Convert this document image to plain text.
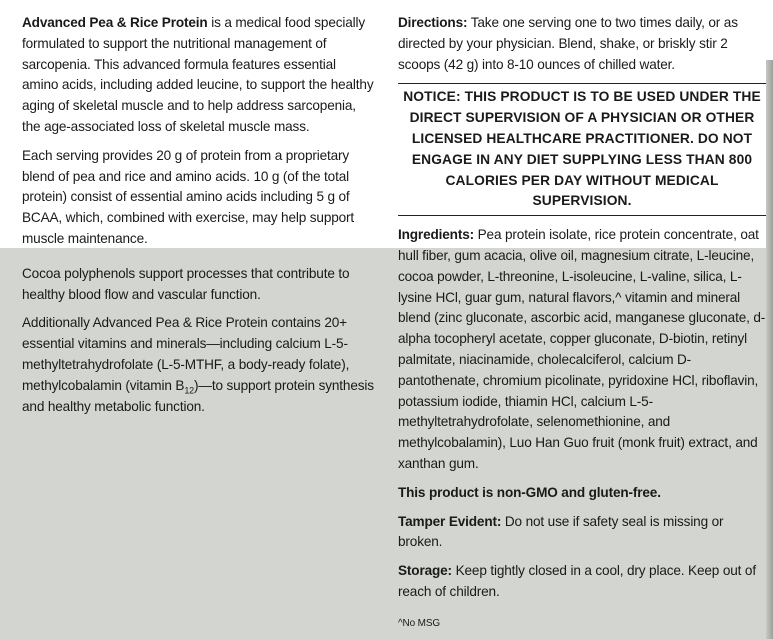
Advanced Pea & Rice Protein is a medical food specially formulated to support the nutritional management of sarcopenia. This advanced formula features essential amino acids, including added leucine, to support the healthy aging of skeletal muscle and to help address sarcopenia, the age-associated loss of skeletal muscle mass.

Each serving provides 20 g of protein from a proprietary blend of pea and rice and amino acids. 10 g (of the total protein) consist of essential amino acids including 5 g of BCAA, which, combined with exercise, may help support muscle maintenance.

Cocoa polyphenols support processes that contribute to healthy blood flow and vascular function.

Additionally Advanced Pea & Rice Protein contains 20+ essential vitamins and minerals—including calcium L-5-methyltetrahydrofolate (L-5-MTHF, a body-ready folate), methylcobalamin (vitamin $B_{12})—to$ support protein synthesis and healthy metabolic function.

Directions: Take one serving one to two times daily, or as directed by your physician. Blend, shake, or briskly stir 2 scoops (42 g) into 8-10 ounces of chilled water.

NOTICE: THIS PRODUCT IS TO BE USED UNDER THE DIRECT SUPERVISION OF A PHYSICIAN OR OTHER LICENSED HEALTHCARE PRACTITIONER. DO NOT ENGAGE IN ANY DIET SUPPLYING LESS THAN 800 CALORIES PER DAY WITHOUT MEDICAL SUPERVISION.

Ingredients: Pea protein isolate, rice protein concentrate, oat hull fiber, gum acacia, olive oil, magnesium citrate, L-leucine, cocoa powder, L-threonine, L-isoleucine, L-valine, silica, L-lysine HCl, guar gum, natural flavors,^ vitamin and mineral blend (zinc gluconate, ascorbic acid, manganese gluconate, d-alpha tocopheryl acetate, copper gluconate, D-biotin, retinyl palmitate, niacinamide, cholecalciferol, calcium D-pantothenate, chromium picolinate, pyridoxine HCl, riboflavin, potassium iodide, thiamin HCl, calcium L-5-methyltetrahydrofolate, selenomethionine, and methylcobalamin), Luo Han Guo fruit (monk fruit) extract, and xanthan gum.

This product is non-GMO and gluten-free.

Tamper Evident: Do not use if safety seal is missing or broken.

Storage: Keep tightly closed in a cool, dry place. Keep out of reach of children.

^No MSG
